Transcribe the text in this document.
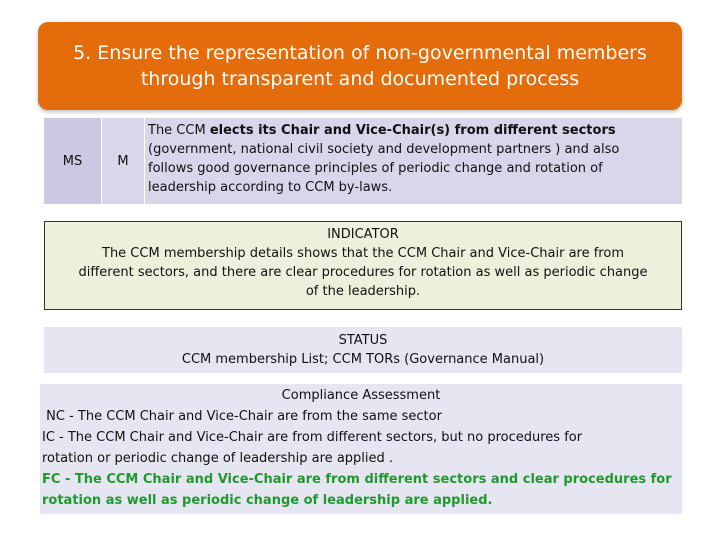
5. Ensure the representation of non-governmental members
through transparent and documented process
MS	M
The CCM elects its Chair and Vice-Chair(s) from different sectors
(government, national civil society and development partners ) and also
follows good governance principles of periodic change and rotation of
leadership according to CCM by-laws.
INDICATOR
The CCM membership details shows that the CCM Chair and Vice-Chair are from
different sectors, and there are clear procedures for rotation as well as periodic change
of the leadership.
STATUS
CCM membership List; CCM TORs (Governance Manual)
Compliance Assessment
NC - The CCM Chair and Vice-Chair are from the same sector
IC - The CCM Chair and Vice-Chair are from different sectors, but no procedures for
rotation or periodic change of leadership are applied .
FC - The CCM Chair and Vice-Chair are from different sectors and clear procedures for
rotation as well as periodic change of leadership are applied.
